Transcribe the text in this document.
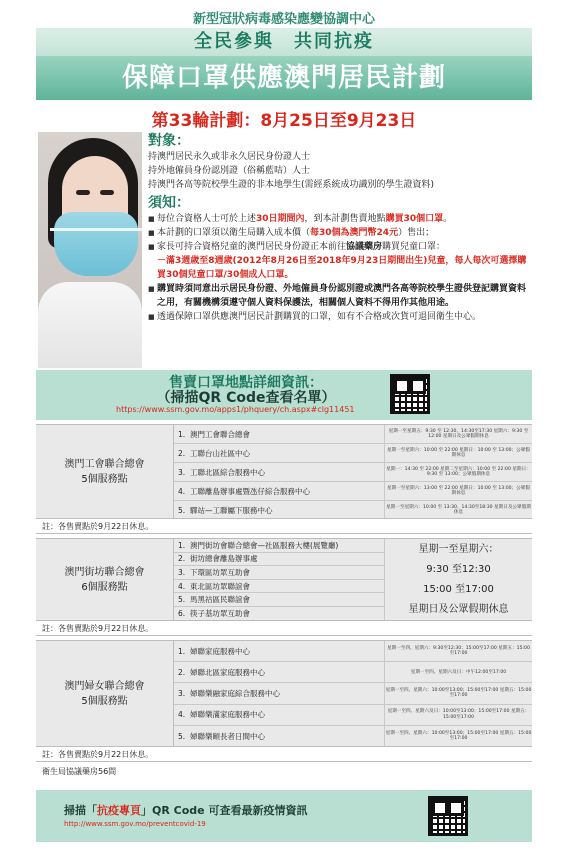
新型冠狀病毒感染應變協調中心
全民參與　共同抗疫
保障口罩供應澳門居民計劃
第33輪計劃：8月25日至9月23日
對象：
持澳門居民永久或非永久居民身份證人士
持外地僱員身份認別證（俗稱藍咭）人士
持澳門各高等院校學生證的非本地學生(需經系統成功識別的學生證資料)
須知：
■ 每位合資格人士可於上述30日期間內，到本計劃售賣地點購買30個口罩。
■ 本計劃的口罩須以衛生局購入成本價（每30個為澳門幣24元）售出；
■ 家長可持合資格兒童的澳門居民身份證正本前往協議藥房購買兒童口罩：
－滿3週歲至8週歲(2012年8月26日至2018年9月23日期間出生)兒童，每人每次可選擇購買30個兒童口罩/30個成人口罩。
■ 購買時須同意出示居民身份證、外地僱員身份認別證或澳門各高等院校學生證供登記購買資料之用，有關機構須遵守個人資料保護法，相關個人資料不得用作其他用途。
■ 透過保障口罩供應澳門居民計劃購買的口罩，如有不合格或次貨可退回衛生中心。
售賣口罩地點詳細資訊：
（掃描QR Code查看名單）
https://www.ssm.gov.mo/apps1/phquery/ch.aspx#clg11451
澳門工會聯合總會
5個服務點
1. 澳門工會聯合總會	星期一至星期五：9:30 至 12:30、14:30至17:30 星期六：9:30 至 12:00 星期日及公眾假期休息
2. 工聯台山社區中心	星期一至星期六：10:00 至 22:00 星期日：10:00 至 13:00；公眾假期休息
3. 工聯北區綜合服務中心	星期一：14:30 至 22:00 星期二至星期六：10:00 至 22:00 星期日：9:30 至 13:00；公眾假期休息
4. 工聯離島辦事處暨氹仔綜合服務中心	星期一至星期六：13:00 至 22:00 星期日：10:00 至 13:00；公眾假期休息
5. 驛站—工聯屬下服務中心	星期一至星期六：10:00 至 13:30、14:30至18:30 星期日及公眾假期休息
註：各售賣點於9月22日休息。
澳門街坊聯合總會
6個服務點
1. 澳門街坊會聯合總會—社區服務大樓(展覽廳)
2. 街坊總會離島辦事處
3. 下環區坊眾互助會
4. 東北區坊眾聯誼會
5. 馬黑祜區民聯誼會
6. 筷子基坊眾互助會
星期一至星期六：
9:30 至12:30
15:00 至17:00
星期日及公眾假期休息
註：各售賣點於9月22日休息。
澳門婦女聯合總會
5個服務點
1. 婦聯家庭服務中心	星期一至四、星期六：9:30至12:30；15:00至17:00 星期五：15:00至17:00
2. 婦聯北區家庭服務中心	星期一至四、星期六及日：中午12:00至17:00
3. 婦聯樂融家庭綜合服務中心	星期一至四、星期六：10:00至13:00；15:00至17:00 星期五：15:00至17:00
4. 婦聯樂滿家庭服務中心	星期一至四、星期六及日：10:00至13:00；15:00至17:00 星期五：15:00至17:00
5. 婦聯樂頤長者日間中心	星期一至四、星期六：10:00至13:00；15:00至17:00 星期五：15:00至17:00
註：各售賣點於9月22日休息。
衛生局協議藥房56間
掃描「抗疫專頁」QR Code 可查看最新疫情資訊
http://www.ssm.gov.mo/preventcovid-19
